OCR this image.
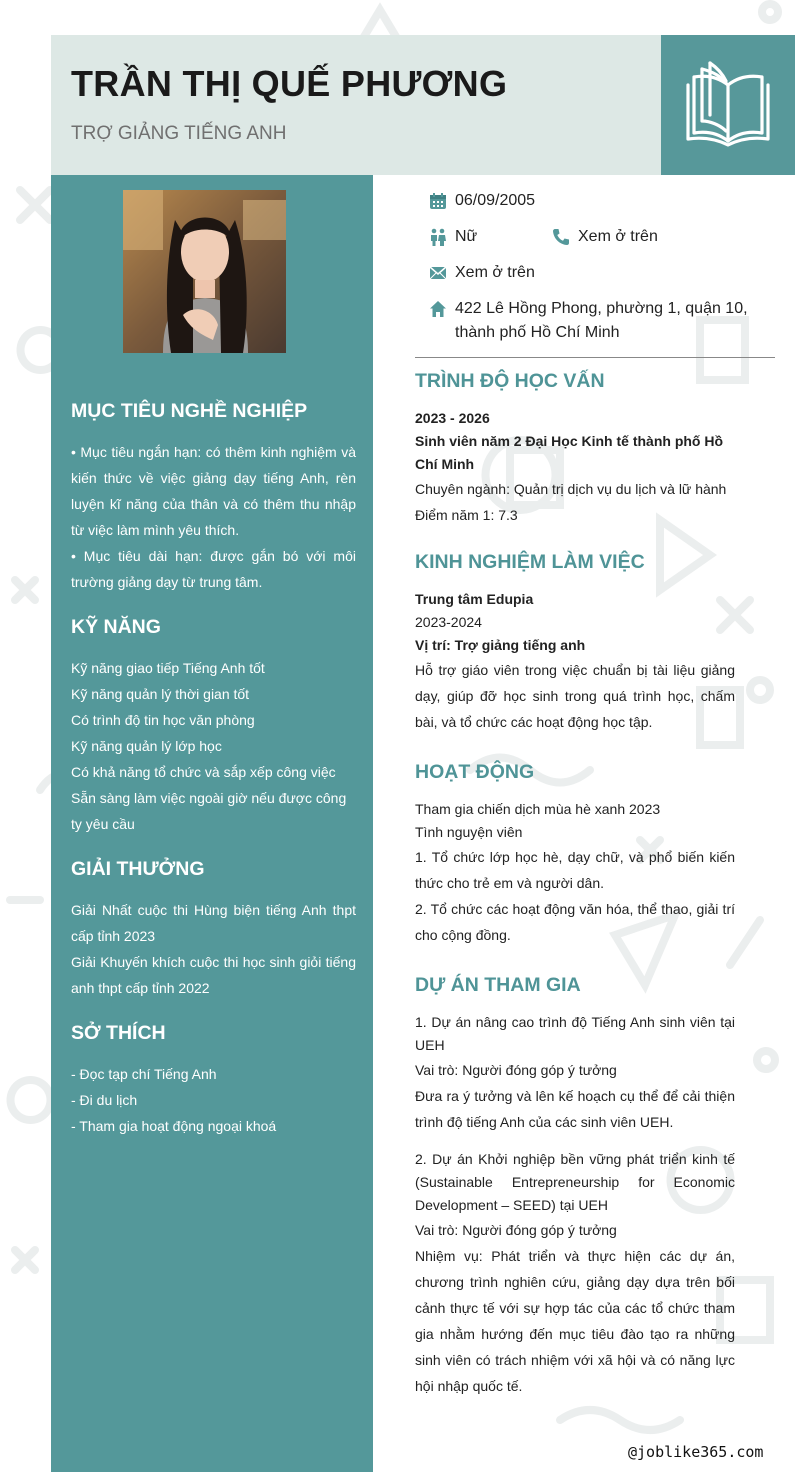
TRẦN THỊ QUẾ PHƯƠNG
TRỢ GIẢNG TIẾNG ANH
MỤC TIÊU NGHỀ NGHIỆP
• Mục tiêu ngắn hạn: có thêm kinh nghiệm và kiến thức về việc giảng dạy tiếng Anh, rèn luyện kĩ năng của thân và có thêm thu nhập từ việc làm mình yêu thích.
• Mục tiêu dài hạn: được gắn bó với môi trường giảng dạy từ trung tâm.
KỸ NĂNG
Kỹ năng giao tiếp Tiếng Anh tốt
Kỹ năng quản lý thời gian tốt
Có trình độ tin học văn phòng
Kỹ năng quản lý lớp học
Có khả năng tổ chức và sắp xếp công việc
Sẵn sàng làm việc ngoài giờ nếu được công ty yêu cầu
GIẢI THƯỞNG
Giải Nhất cuộc thi Hùng biện tiếng Anh thpt cấp tỉnh 2023
Giải Khuyến khích cuộc thi học sinh giỏi tiếng anh thpt cấp tỉnh 2022
SỞ THÍCH
- Đọc tạp chí Tiếng Anh
- Đi du lịch
- Tham gia hoạt động ngoại khoá
06/09/2005
Nữ	Xem ở trên
Xem ở trên
422 Lê Hồng Phong, phường 1, quận 10,
thành phố Hồ Chí Minh
TRÌNH ĐỘ HỌC VẤN
2023 - 2026
Sinh viên năm 2 Đại Học Kinh tế thành phố Hồ Chí Minh
Chuyên ngành: Quản trị dịch vụ du lịch và lữ hành
Điểm năm 1: 7.3
KINH NGHIỆM LÀM VIỆC
Trung tâm Edupia
2023-2024
Vị trí: Trợ giảng tiếng anh
Hỗ trợ giáo viên trong việc chuẩn bị tài liệu giảng dạy, giúp đỡ học sinh trong quá trình học, chấm bài, và tổ chức các hoạt động học tập.
HOẠT ĐỘNG
Tham gia chiến dịch mùa hè xanh 2023
Tình nguyện viên
1. Tổ chức lớp học hè, dạy chữ, và phổ biến kiến thức cho trẻ em và người dân.
2. Tổ chức các hoạt động văn hóa, thể thao, giải trí cho cộng đồng.
DỰ ÁN THAM GIA
1. Dự án nâng cao trình độ Tiếng Anh sinh viên tại UEH
Vai trò: Người đóng góp ý tưởng
Đưa ra ý tưởng và lên kế hoạch cụ thể để cải thiện trình độ tiếng Anh của các sinh viên UEH.
2. Dự án Khởi nghiệp bền vững phát triển kinh tế (Sustainable Entrepreneurship for Economic Development – SEED) tại UEH
Vai trò: Người đóng góp ý tưởng
Nhiệm vụ: Phát triển và thực hiện các dự án, chương trình nghiên cứu, giảng dạy dựa trên bối cảnh thực tế với sự hợp tác của các tổ chức tham gia nhằm hướng đến mục tiêu đào tạo ra những sinh viên có trách nhiệm với xã hội và có năng lực hội nhập quốc tế.
@joblike365.com
